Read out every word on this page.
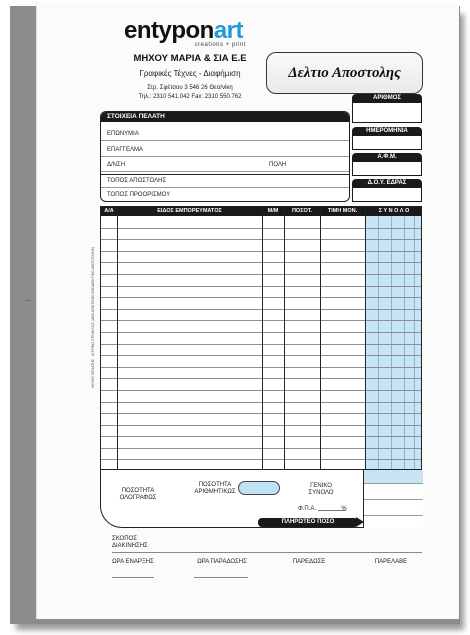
entyponart
creations + print
ΜΗΧΟΥ ΜΑΡΙΑ & ΣΙΑ Ε.Ε
Γραφικές Τέχνες - Διαφήμιση
Στρ. Σφέτσου 3 546 26 Θεσ/νίκη
Τηλ.: 2310 541.042 Fax: 2310 550.762
Δελτιο Αποστολης
ΑΡΙΘΜΟΣ
ΗΜΕΡΟΜΗΝΙΑ
Α.Φ.Μ.
Δ.Ο.Υ. ΕΔΡΑΣ
ΣΤΟΙΧΕΙΑ ΠΕΛΑΤΗ
ΕΠΩΝΥΜΙΑ
ΕΠΑΓΓΕΛΜΑ
Δ/ΝΣΗ	ΠΟΛΗ
ΤΟΠΟΣ ΑΠΟΣΤΟΛΗΣ
ΤΟΠΟΣ ΠΡΟΟΡΙΣΜΟΥ
Α/Α	ΕΙΔΟΣ ΕΜΠΟΡΕΥΜΑΤΟΣ	Μ/Μ	ΠΟΣΟΤ.	ΤΙΜΗ ΜΟΝ.	Σ Υ Ν Ο Λ Ο
ΠΟΣΟΤΗΤΑ ΟΛΟΓΡΑΦΩΣ
ΠΟΣΟΤΗΤΑ ΑΡΙΘΜΗΤΙΚΩΣ
ΓΕΝΙΚΟ ΣΥΝΟΛΟ
Φ.Π.Α.	%
ΠΛΗΡΩΤΕΟ ΠΟΣΟ
ΣΚΟΠΟΣ ΔΙΑΚΙΝΗΣΗΣ
ΩΡΑ ΕΝΑΡΞΗΣ	ΩΡΑ ΠΑΡΑΔΟΣΗΣ	ΠΑΡΕΔΩΣΕ	ΠΑΡΕΛΑΒΕ
ΛΕΥΚΟ ΠΕΛΑΤΗΣ - ΚΙΤΡΙΝΟ ΣΤΕΛΕΧΟΣ (ΔΕΝ ΑΠΟΤΕΛΕΙ ΑΠΟΔΕΙΚΤΙΚΟ ΑΠΟΣΤΟΛΗΣ)
